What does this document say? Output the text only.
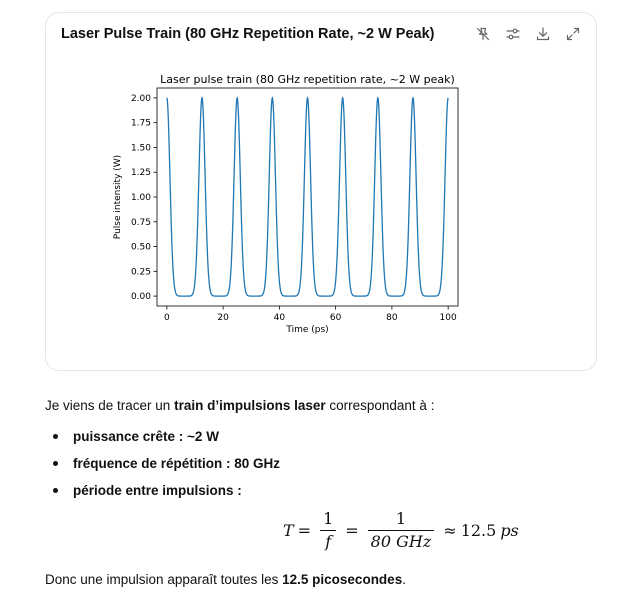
Laser Pulse Train (80 GHz Repetition Rate, ~2 W Peak)
Laser pulse train (80 GHz repetition rate, ~2 W peak)
0	20	40	60	80	100
0.00
0.25
0.50
0.75
1.00
1.25
1.50
1.75
2.00
Time (ps)
Pulse intensity (W)

Je viens de tracer un train d’impulsions laser correspondant à :

puissance crête : ~2 W
fréquence de répétition : 80 GHz
période entre impulsions :
$T = \frac{1}{f} = \frac{1}{\text{80 GHz}} \approx 12.5$ ps
Donc une impulsion apparaît toutes les 12.5 picosecondes.
